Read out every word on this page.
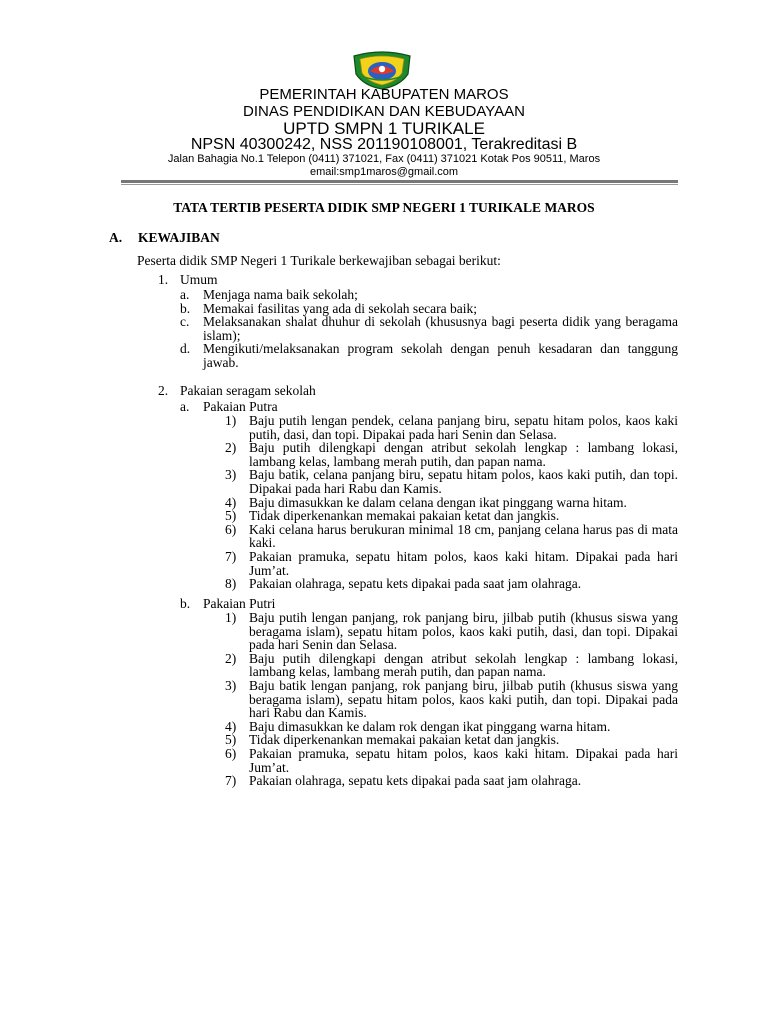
PEMERINTAH KABUPATEN MAROS
DINAS PENDIDIKAN DAN KEBUDAYAAN
UPTD SMPN 1 TURIKALE
NPSN 40300242, NSS 201190108001, Terakreditasi B
Jalan Bahagia No.1 Telepon (0411) 371021, Fax (0411) 371021 Kotak Pos 90511, Maros
email:smp1maros@gmail.com
TATA TERTIB PESERTA DIDIK SMP NEGERI 1 TURIKALE MAROS
A. KEWAJIBAN
Peserta didik SMP Negeri 1 Turikale berkewajiban sebagai berikut:
1. Umum
a. Menjaga nama baik sekolah;
b. Memakai fasilitas yang ada di sekolah secara baik;
c. Melaksanakan shalat dhuhur di sekolah (khususnya bagi peserta didik yang beragama islam);
d. Mengikuti/melaksanakan program sekolah dengan penuh kesadaran dan tanggung jawab.
2. Pakaian seragam sekolah
a. Pakaian Putra
1) Baju putih lengan pendek, celana panjang biru, sepatu hitam polos, kaos kaki putih, dasi, dan topi. Dipakai pada hari Senin dan Selasa.
2) Baju putih dilengkapi dengan atribut sekolah lengkap : lambang lokasi, lambang kelas, lambang merah putih, dan papan nama.
3) Baju batik, celana panjang biru, sepatu hitam polos, kaos kaki putih, dan topi. Dipakai pada hari Rabu dan Kamis.
4) Baju dimasukkan ke dalam celana dengan ikat pinggang warna hitam.
5) Tidak diperkenankan memakai pakaian ketat dan jangkis.
6) Kaki celana harus berukuran minimal 18 cm, panjang celana harus pas di mata kaki.
7) Pakaian pramuka, sepatu hitam polos, kaos kaki hitam. Dipakai pada hari Jum’at.
8) Pakaian olahraga, sepatu kets dipakai pada saat jam olahraga.
b. Pakaian Putri
1) Baju putih lengan panjang, rok panjang biru, jilbab putih (khusus siswa yang beragama islam), sepatu hitam polos, kaos kaki putih, dasi, dan topi. Dipakai pada hari Senin dan Selasa.
2) Baju putih dilengkapi dengan atribut sekolah lengkap : lambang lokasi, lambang kelas, lambang merah putih, dan papan nama.
3) Baju batik lengan panjang, rok panjang biru, jilbab putih (khusus siswa yang beragama islam), sepatu hitam polos, kaos kaki putih, dan topi. Dipakai pada hari Rabu dan Kamis.
4) Baju dimasukkan ke dalam rok dengan ikat pinggang warna hitam.
5) Tidak diperkenankan memakai pakaian ketat dan jangkis.
6) Pakaian pramuka, sepatu hitam polos, kaos kaki hitam. Dipakai pada hari Jum’at.
7) Pakaian olahraga, sepatu kets dipakai pada saat jam olahraga.
